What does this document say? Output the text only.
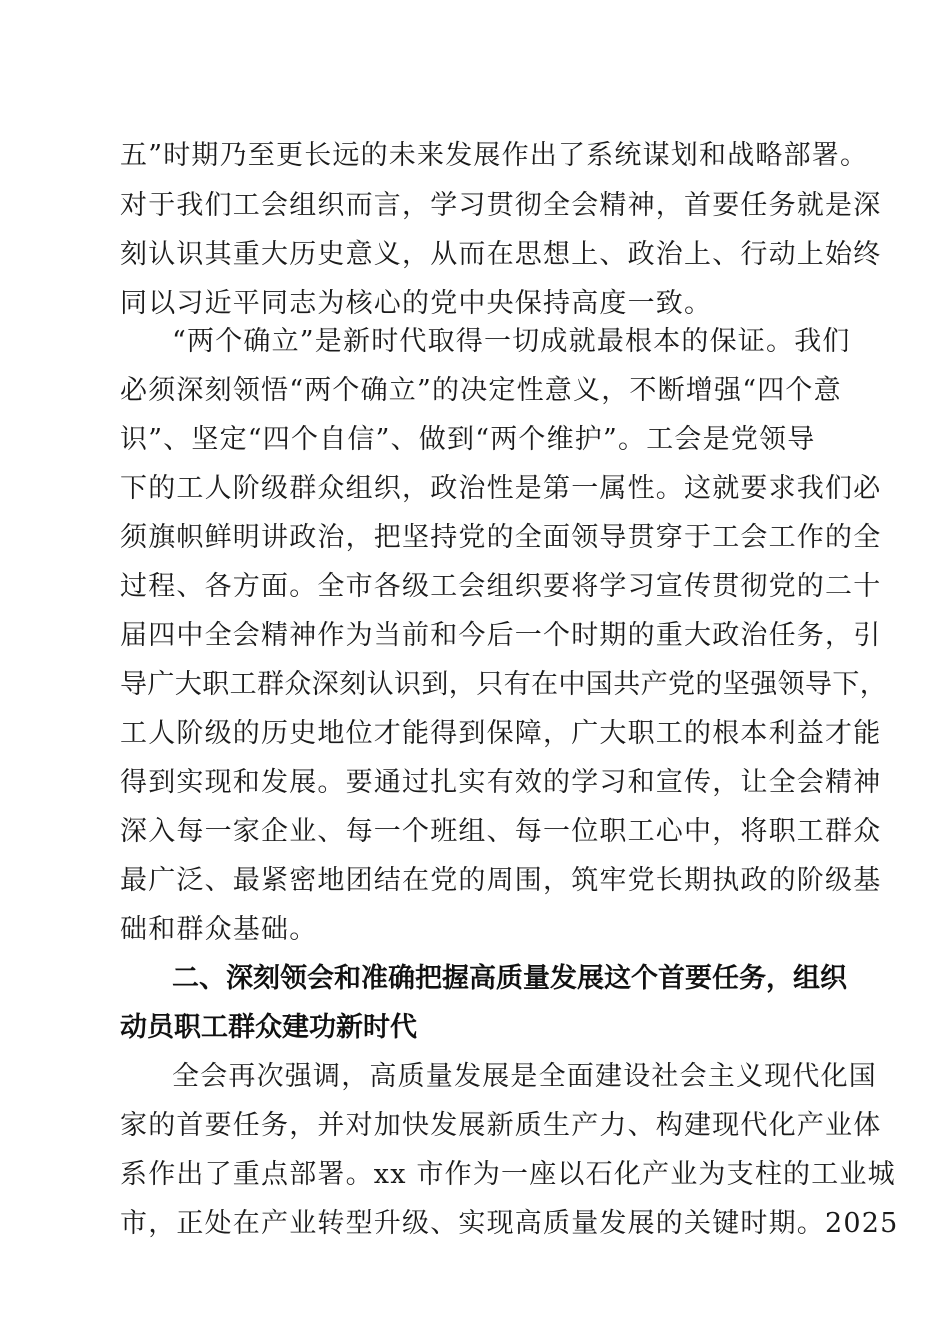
五”时期乃至更长远的未来发展作出了系统谋划和战略部署。
对于我们工会组织而言，学习贯彻全会精神，首要任务就是深
刻认识其重大历史意义，从而在思想上、政治上、行动上始终
同以习近平同志为核心的党中央保持高度一致。
“两个确立”是新时代取得一切成就最根本的保证。我们
必须深刻领悟“两个确立”的决定性意义，不断增强“四个意
识”、坚定“四个自信”、做到“两个维护”。工会是党领导
下的工人阶级群众组织，政治性是第一属性。这就要求我们必
须旗帜鲜明讲政治，把坚持党的全面领导贯穿于工会工作的全
过程、各方面。全市各级工会组织要将学习宣传贯彻党的二十
届四中全会精神作为当前和今后一个时期的重大政治任务，引
导广大职工群众深刻认识到，只有在中国共产党的坚强领导下，
工人阶级的历史地位才能得到保障，广大职工的根本利益才能
得到实现和发展。要通过扎实有效的学习和宣传，让全会精神
深入每一家企业、每一个班组、每一位职工心中，将职工群众
最广泛、最紧密地团结在党的周围，筑牢党长期执政的阶级基
础和群众基础。
二、深刻领会和准确把握高质量发展这个首要任务，组织
动员职工群众建功新时代
全会再次强调，高质量发展是全面建设社会主义现代化国
家的首要任务，并对加快发展新质生产力、构建现代化产业体
系作出了重点部署。xx 市作为一座以石化产业为支柱的工业城
市，正处在产业转型升级、实现高质量发展的关键时期。2025
